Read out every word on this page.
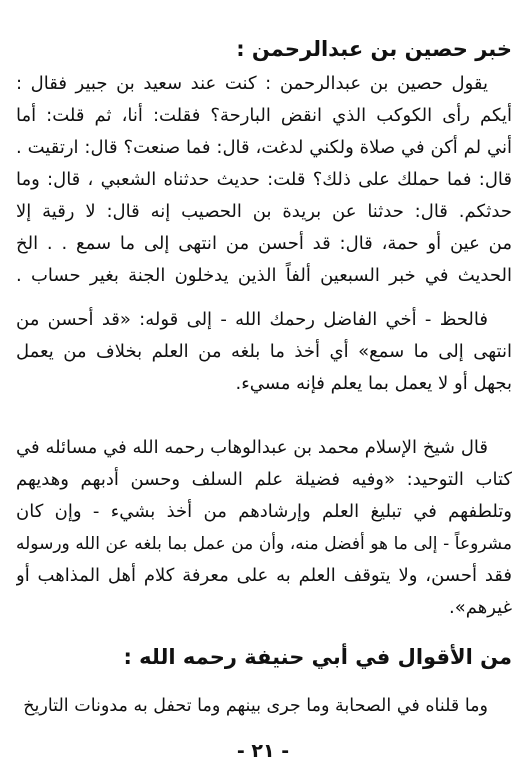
خبر حصين بن عبدالرحمن :
يقول حصين بن عبدالرحمن : كنت عند سعيد بن جبير فقال :
أيكم رأى الكوكب الذي انقض البارحة؟ فقلت: أنا، ثم قلت: أما
أني لم أكن في صلاة ولكني لدغت، قال: فما صنعت؟ قال: ارتقيت .
قال: فما حملك على ذلك؟ قلت: حديث حدثناه الشعبي ، قال: وما
حدثكم. قال: حدثنا عن بريدة بن الحصيب إنه قال: لا رقية إلا
من عين أو حمة، قال: قد أحسن من انتهى إلى ما سمع . . الخ
الحديث في خبر السبعين ألفاً الذين يدخلون الجنة بغير حساب .
فالحظ - أخي الفاضل رحمك الله - إلى قوله: «قد أحسن من
انتهى إلى ما سمع» أي أخذ ما بلغه من العلم بخلاف من يعمل
بجهل أو لا يعمل بما يعلم فإنه مسيء.
قال شيخ الإسلام محمد بن عبدالوهاب رحمه الله في مسائله في
كتاب التوحيد: «وفيه فضيلة علم السلف وحسن أدبهم وهديهم
وتلطفهم في تبليغ العلم وإرشادهم من أخذ بشيء - وإن كان
مشروعاً - إلى ما هو أفضل منه، وأن من عمل بما بلغه عن الله ورسوله
فقد أحسن، ولا يتوقف العلم به على معرفة كلام أهل المذاهب أو
غيرهم».
من الأقوال في أبي حنيفة رحمه الله :
وما قلناه في الصحابة وما جرى بينهم وما تحفل به مدونات التاريخ
- ٢١ -
